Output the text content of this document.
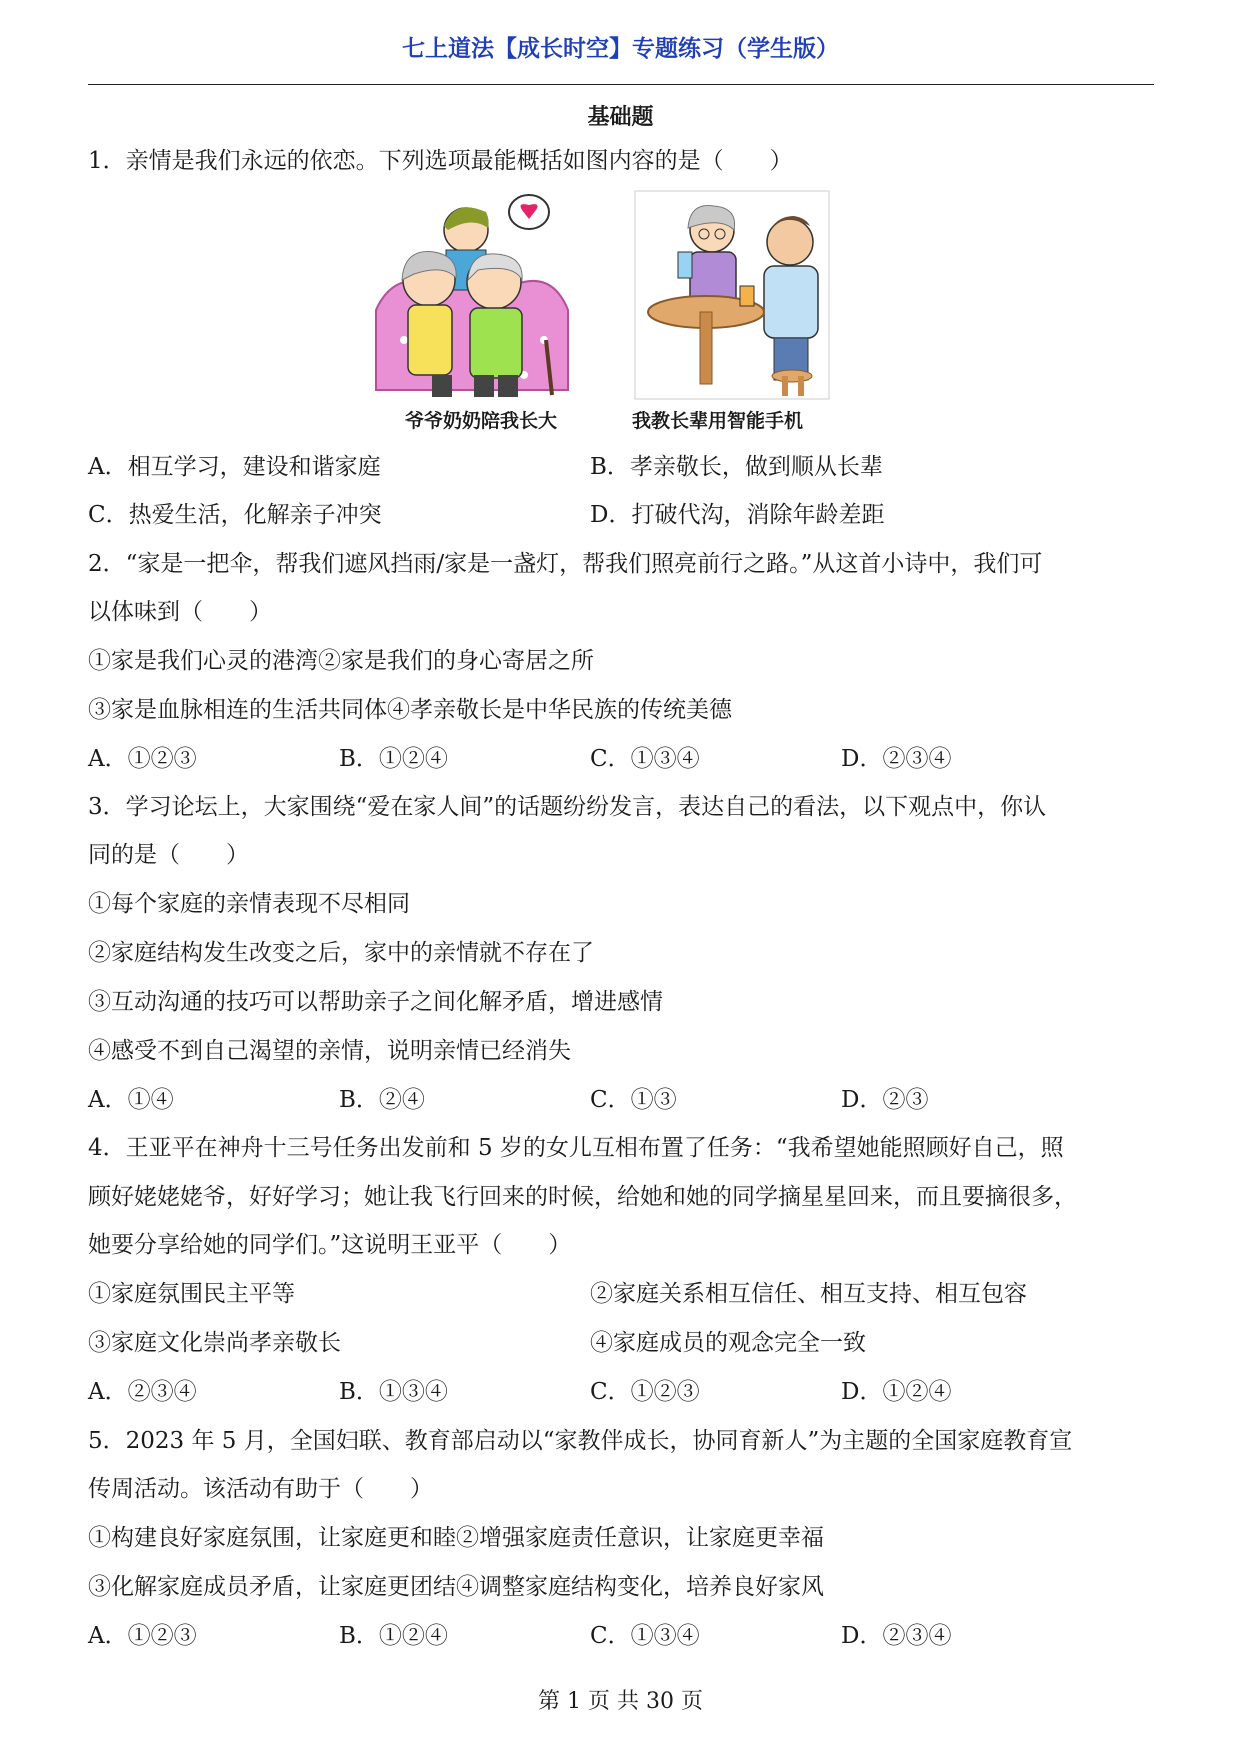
七上道法【成长时空】专题练习（学生版）
基础题
1．亲情是我们永远的依恋。下列选项最能概括如图内容的是（　　）
爷爷奶奶陪我长大	我教长辈用智能手机
A．相互学习，建设和谐家庭	B．孝亲敬长，做到顺从长辈
C．热爱生活，化解亲子冲突	D．打破代沟，消除年龄差距
2．“家是一把伞，帮我们遮风挡雨/家是一盏灯，帮我们照亮前行之路。”从这首小诗中，我们可
以体味到（　　）
①家是我们心灵的港湾②家是我们的身心寄居之所
③家是血脉相连的生活共同体④孝亲敬长是中华民族的传统美德
A．①②③	B．①②④	C．①③④	D．②③④
3．学习论坛上，大家围绕“爱在家人间”的话题纷纷发言，表达自己的看法，以下观点中，你认
同的是（　　）
①每个家庭的亲情表现不尽相同
②家庭结构发生改变之后，家中的亲情就不存在了
③互动沟通的技巧可以帮助亲子之间化解矛盾，增进感情
④感受不到自己渴望的亲情，说明亲情已经消失
A．①④	B．②④	C．①③	D．②③
4．王亚平在神舟十三号任务出发前和 5 岁的女儿互相布置了任务：“我希望她能照顾好自己，照
顾好姥姥姥爷，好好学习；她让我飞行回来的时候，给她和她的同学摘星星回来，而且要摘很多，
她要分享给她的同学们。”这说明王亚平（　　）
①家庭氛围民主平等	②家庭关系相互信任、相互支持、相互包容
③家庭文化崇尚孝亲敬长	④家庭成员的观念完全一致
A．②③④	B．①③④	C．①②③	D．①②④
5．2023 年 5 月，全国妇联、教育部启动以“家教伴成长，协同育新人”为主题的全国家庭教育宣
传周活动。该活动有助于（　　）
①构建良好家庭氛围，让家庭更和睦②增强家庭责任意识，让家庭更幸福
③化解家庭成员矛盾，让家庭更团结④调整家庭结构变化，培养良好家风
A．①②③	B．①②④	C．①③④	D．②③④
第 1 页 共 30 页
